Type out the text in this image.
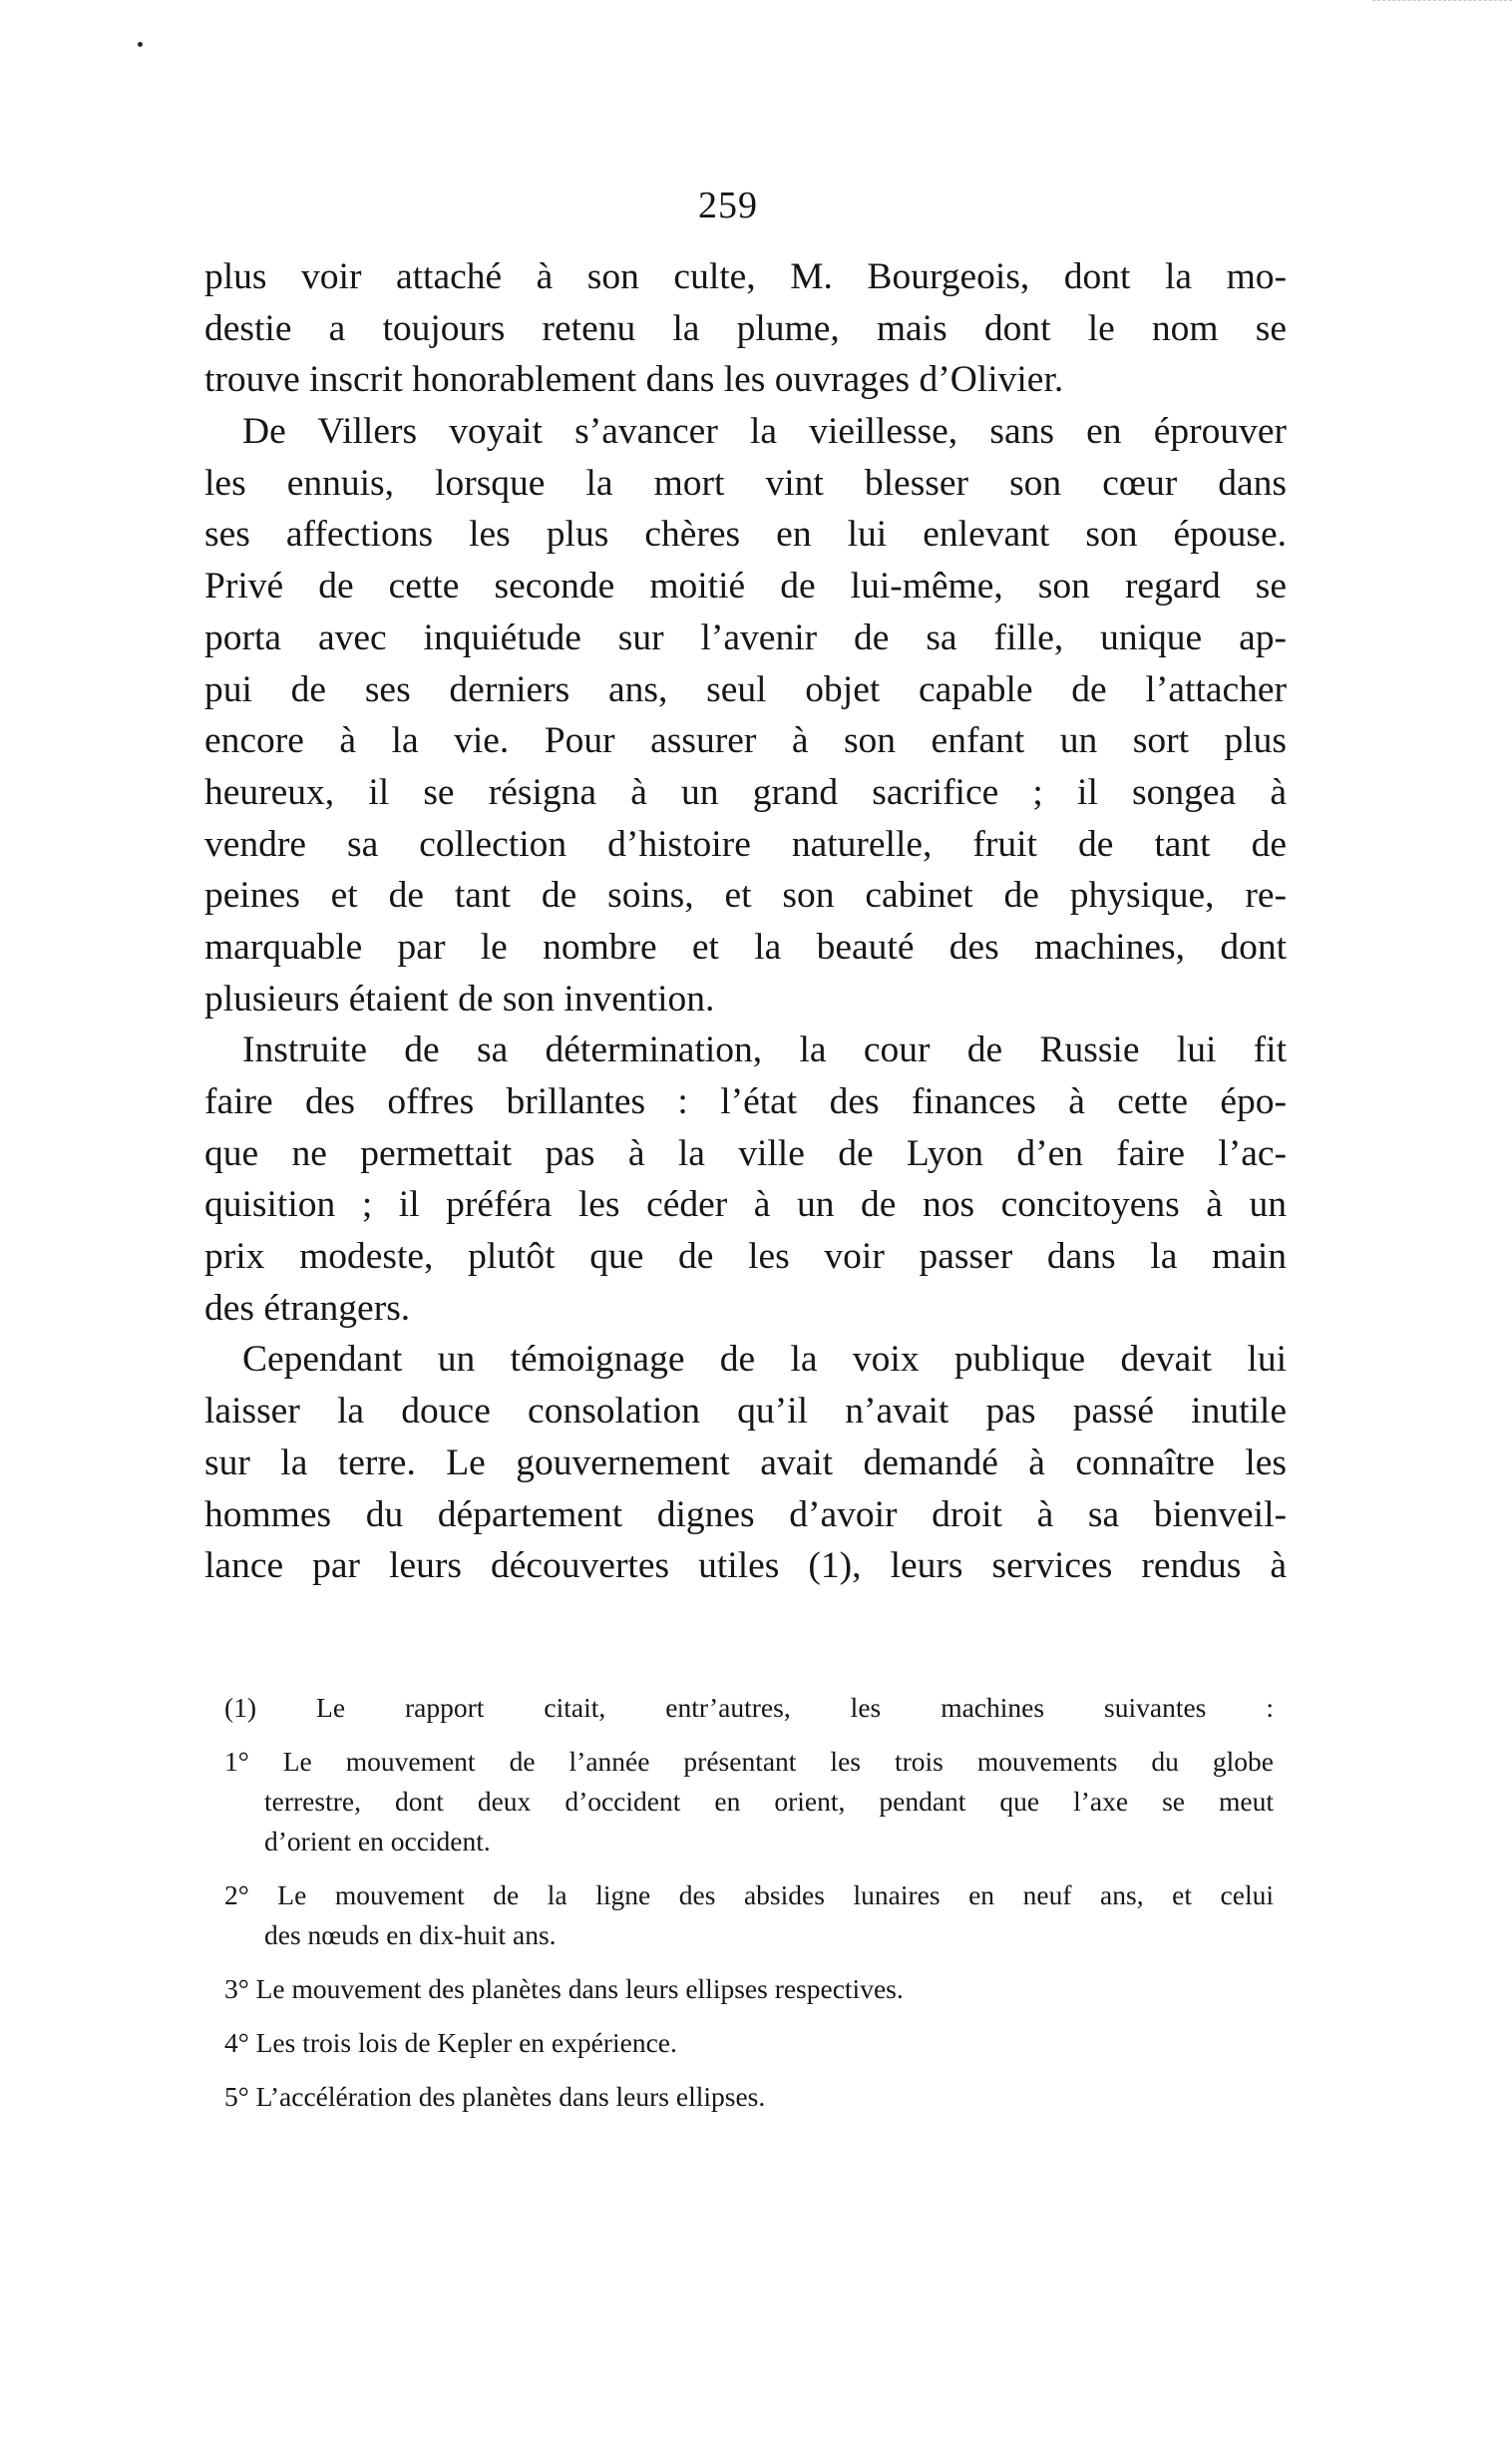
259
plus voir attaché à son culte, M. Bourgeois, dont la mo-
destie a toujours retenu la plume, mais dont le nom se
trouve inscrit honorablement dans les ouvrages d’Olivier.
De Villers voyait s’avancer la vieillesse, sans en éprouver
les ennuis, lorsque la mort vint blesser son cœur dans
ses affections les plus chères en lui enlevant son épouse.
Privé de cette seconde moitié de lui-même, son regard se
porta avec inquiétude sur l’avenir de sa fille, unique ap-
pui de ses derniers ans, seul objet capable de l’attacher
encore à la vie. Pour assurer à son enfant un sort plus
heureux, il se résigna à un grand sacrifice ; il songea à
vendre sa collection d’histoire naturelle, fruit de tant de
peines et de tant de soins, et son cabinet de physique, re-
marquable par le nombre et la beauté des machines, dont
plusieurs étaient de son invention.
Instruite de sa détermination, la cour de Russie lui fit
faire des offres brillantes : l’état des finances à cette épo-
que ne permettait pas à la ville de Lyon d’en faire l’ac-
quisition ; il préféra les céder à un de nos concitoyens à un
prix modeste, plutôt que de les voir passer dans la main
des étrangers.
Cependant un témoignage de la voix publique devait lui
laisser la douce consolation qu’il n’avait pas passé inutile
sur la terre. Le gouvernement avait demandé à connaître les
hommes du département dignes d’avoir droit à sa bienveil-
lance par leurs découvertes utiles (1), leurs services rendus à
(1) Le rapport citait, entr’autres, les machines suivantes :
1° Le mouvement de l’année présentant les trois mouvements du globe
terrestre, dont deux d’occident en orient, pendant que l’axe se meut
d’orient en occident.
2° Le mouvement de la ligne des absides lunaires en neuf ans, et celui
des nœuds en dix-huit ans.
3° Le mouvement des planètes dans leurs ellipses respectives.
4° Les trois lois de Kepler en expérience.
5° L’accélération des planètes dans leurs ellipses.
